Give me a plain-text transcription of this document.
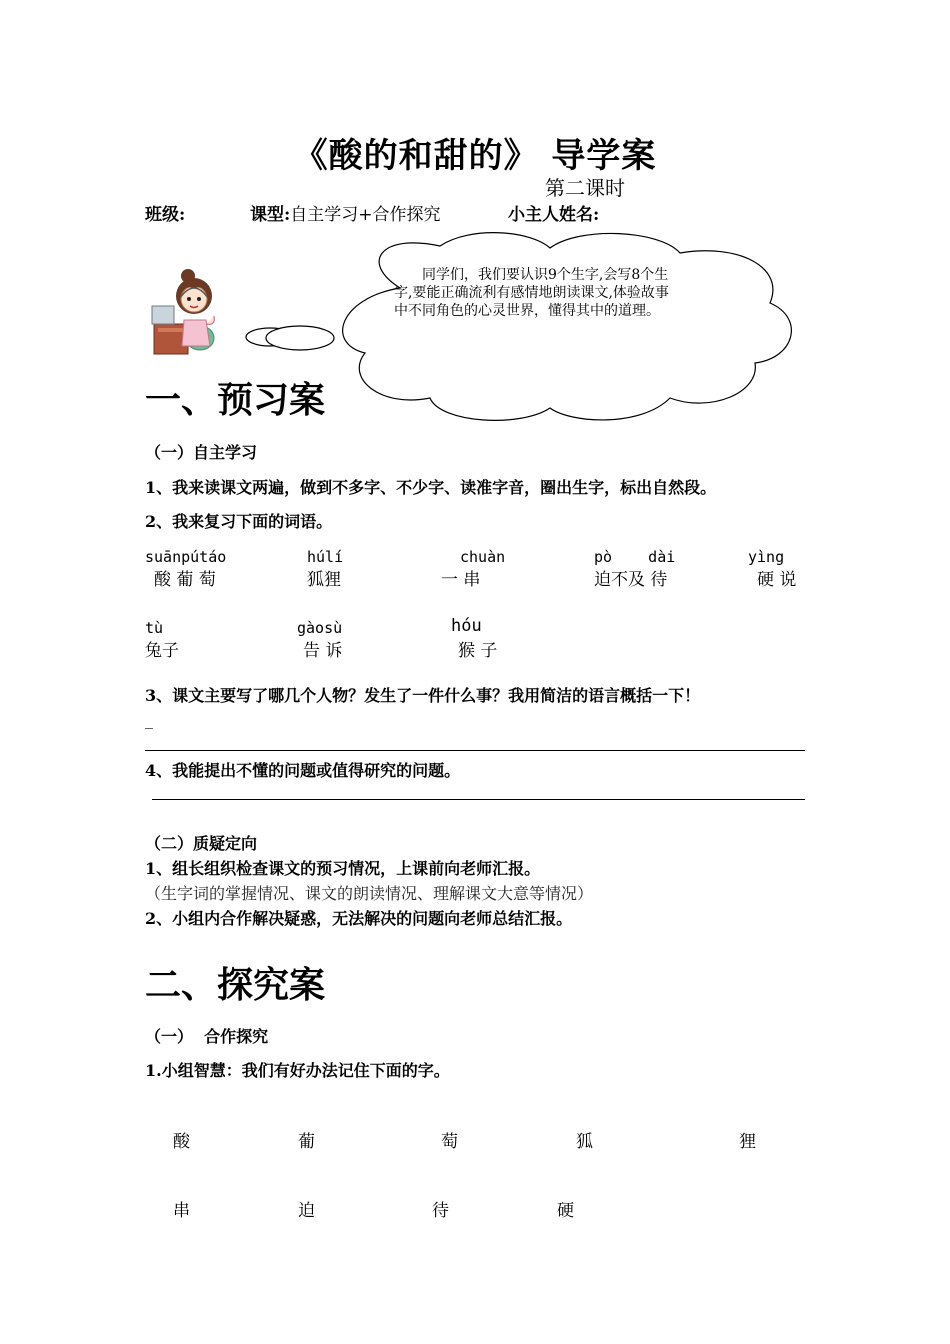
《酸的和甜的》 导学案
第二课时
班级:	课型:自主学习+合作探究	小主人姓名:
同学们，我们要认识9个生字,会写8个生字,要能正确流利有感情地朗读课文,体验故事中不同角色的心灵世界，懂得其中的道理。
一、预习案
（一）自主学习
1、我来读课文两遍，做到不多字、不少字、读准字音，圈出生字，标出自然段。
2、我来复习下面的词语。
suānpútáo
酸 葡 萄
húlí
狐狸
chuàn
一 串
pò    dài
迫不及 待
yìng
硬 说
tù
兔子
gàosù
告 诉
hóu
猴 子
3、课文主要写了哪几个人物？发生了一件什么事？我用简洁的语言概括一下！
_
4、我能提出不懂的问题或值得研究的问题。
（二）质疑定向
1、组长组织检查课文的预习情况，上课前向老师汇报。
（生字词的掌握情况、课文的朗读情况、理解课文大意等情况）
2、小组内合作解决疑惑，无法解决的问题向老师总结汇报。
二、探究案
（一）  合作探究
1.小组智慧：我们有好办法记住下面的字。
酸	葡	萄	狐	狸
串	迫	待	硬
